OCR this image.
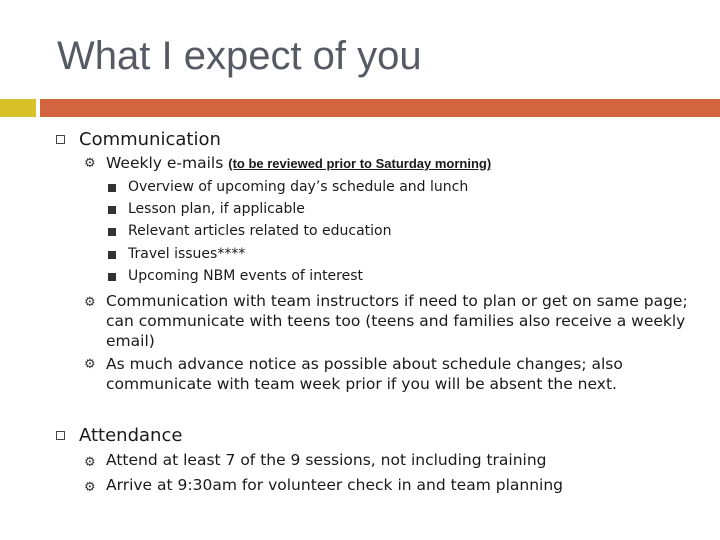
What I expect of you
Communication
⚙ Weekly e-mails (to be reviewed prior to Saturday morning)
Overview of upcoming day’s schedule and lunch
Lesson plan, if applicable
Relevant articles related to education
Travel issues****
Upcoming NBM events of interest
⚙ Communication with team instructors if need to plan or get on same page; can communicate with teens too (teens and families also receive a weekly email)
⚙ As much advance notice as possible about schedule changes; also communicate with team week prior if you will be absent the next.
Attendance
⚙ Attend at least 7 of the 9 sessions, not including training
⚙ Arrive at 9:30am for volunteer check in and team planning
